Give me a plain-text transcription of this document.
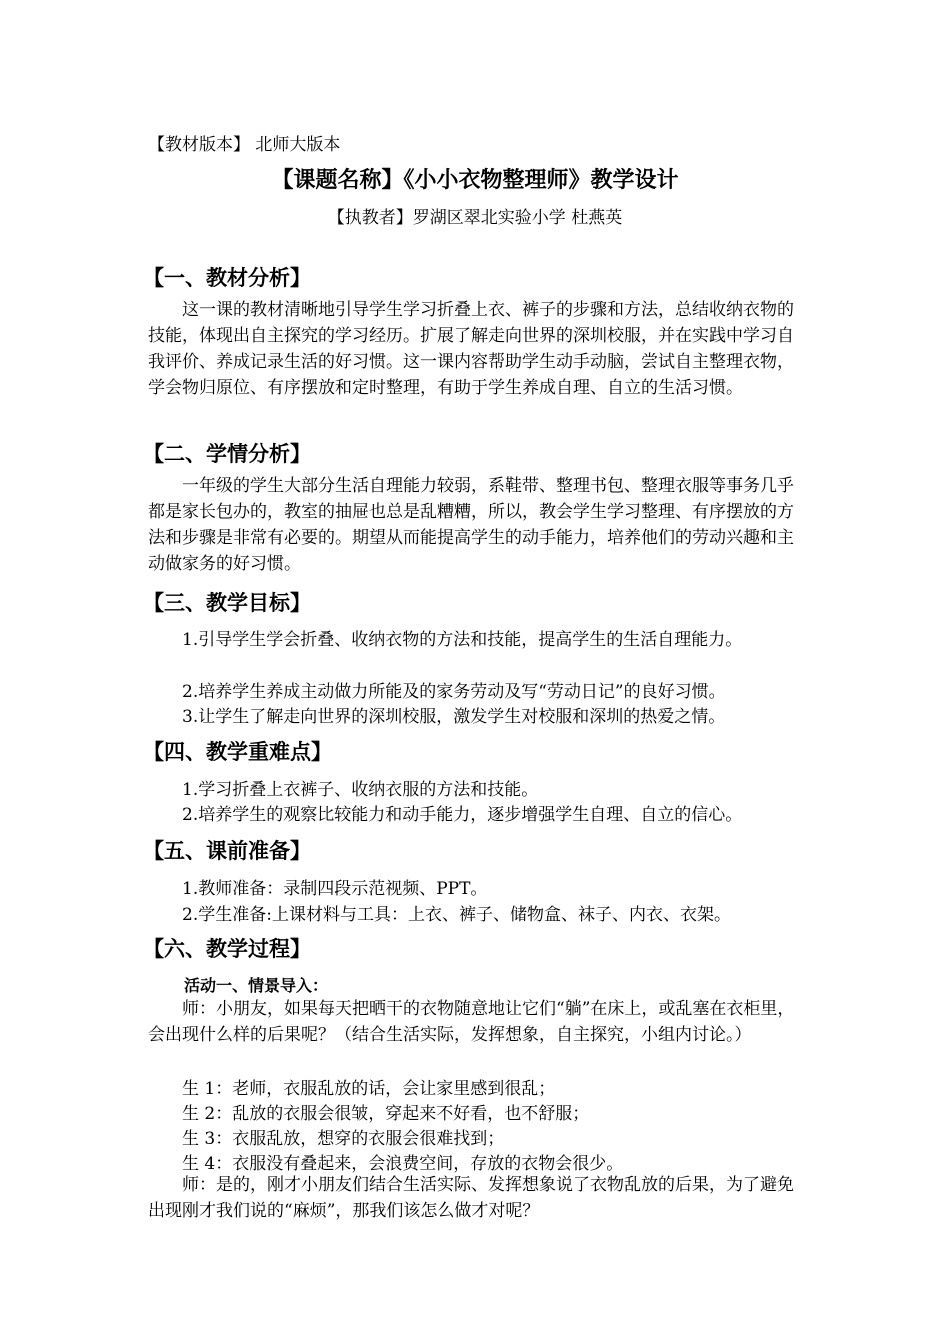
【教材版本】 北师大版本
【课题名称】《小小衣物整理师》教学设计
【执教者】罗湖区翠北实验小学 杜燕英
【一、教材分析】
这一课的教材清晰地引导学生学习折叠上衣、裤子的步骤和方法，总结收纳衣物的技能，体现出自主探究的学习经历。扩展了解走向世界的深圳校服，并在实践中学习自我评价、养成记录生活的好习惯。这一课内容帮助学生动手动脑，尝试自主整理衣物，学会物归原位、有序摆放和定时整理，有助于学生养成自理、自立的生活习惯。
【二、学情分析】
一年级的学生大部分生活自理能力较弱，系鞋带、整理书包、整理衣服等事务几乎都是家长包办的，教室的抽屉也总是乱糟糟，所以，教会学生学习整理、有序摆放的方法和步骤是非常有必要的。期望从而能提高学生的动手能力，培养他们的劳动兴趣和主动做家务的好习惯。
【三、教学目标】
1.引导学生学会折叠、收纳衣物的方法和技能，提高学生的生活自理能力。
2.培养学生养成主动做力所能及的家务劳动及写“劳动日记”的良好习惯。
3.让学生了解走向世界的深圳校服，激发学生对校服和深圳的热爱之情。
【四、教学重难点】
1.学习折叠上衣裤子、收纳衣服的方法和技能。
2.培养学生的观察比较能力和动手能力，逐步增强学生自理、自立的信心。
【五、课前准备】
1.教师准备：录制四段示范视频、PPT。
2.学生准备:上课材料与工具：上衣、裤子、储物盒、袜子、内衣、衣架。
【六、教学过程】
活动一、情景导入：
师：小朋友，如果每天把晒干的衣物随意地让它们“躺”在床上，或乱塞在衣柜里，会出现什么样的后果呢？（结合生活实际，发挥想象，自主探究，小组内讨论。）
生 1：老师，衣服乱放的话，会让家里感到很乱；
生 2：乱放的衣服会很皱，穿起来不好看，也不舒服；
生 3：衣服乱放，想穿的衣服会很难找到；
生 4：衣服没有叠起来，会浪费空间，存放的衣物会很少。
师：是的，刚才小朋友们结合生活实际、发挥想象说了衣物乱放的后果，为了避免出现刚才我们说的“麻烦”，那我们该怎么做才对呢？
